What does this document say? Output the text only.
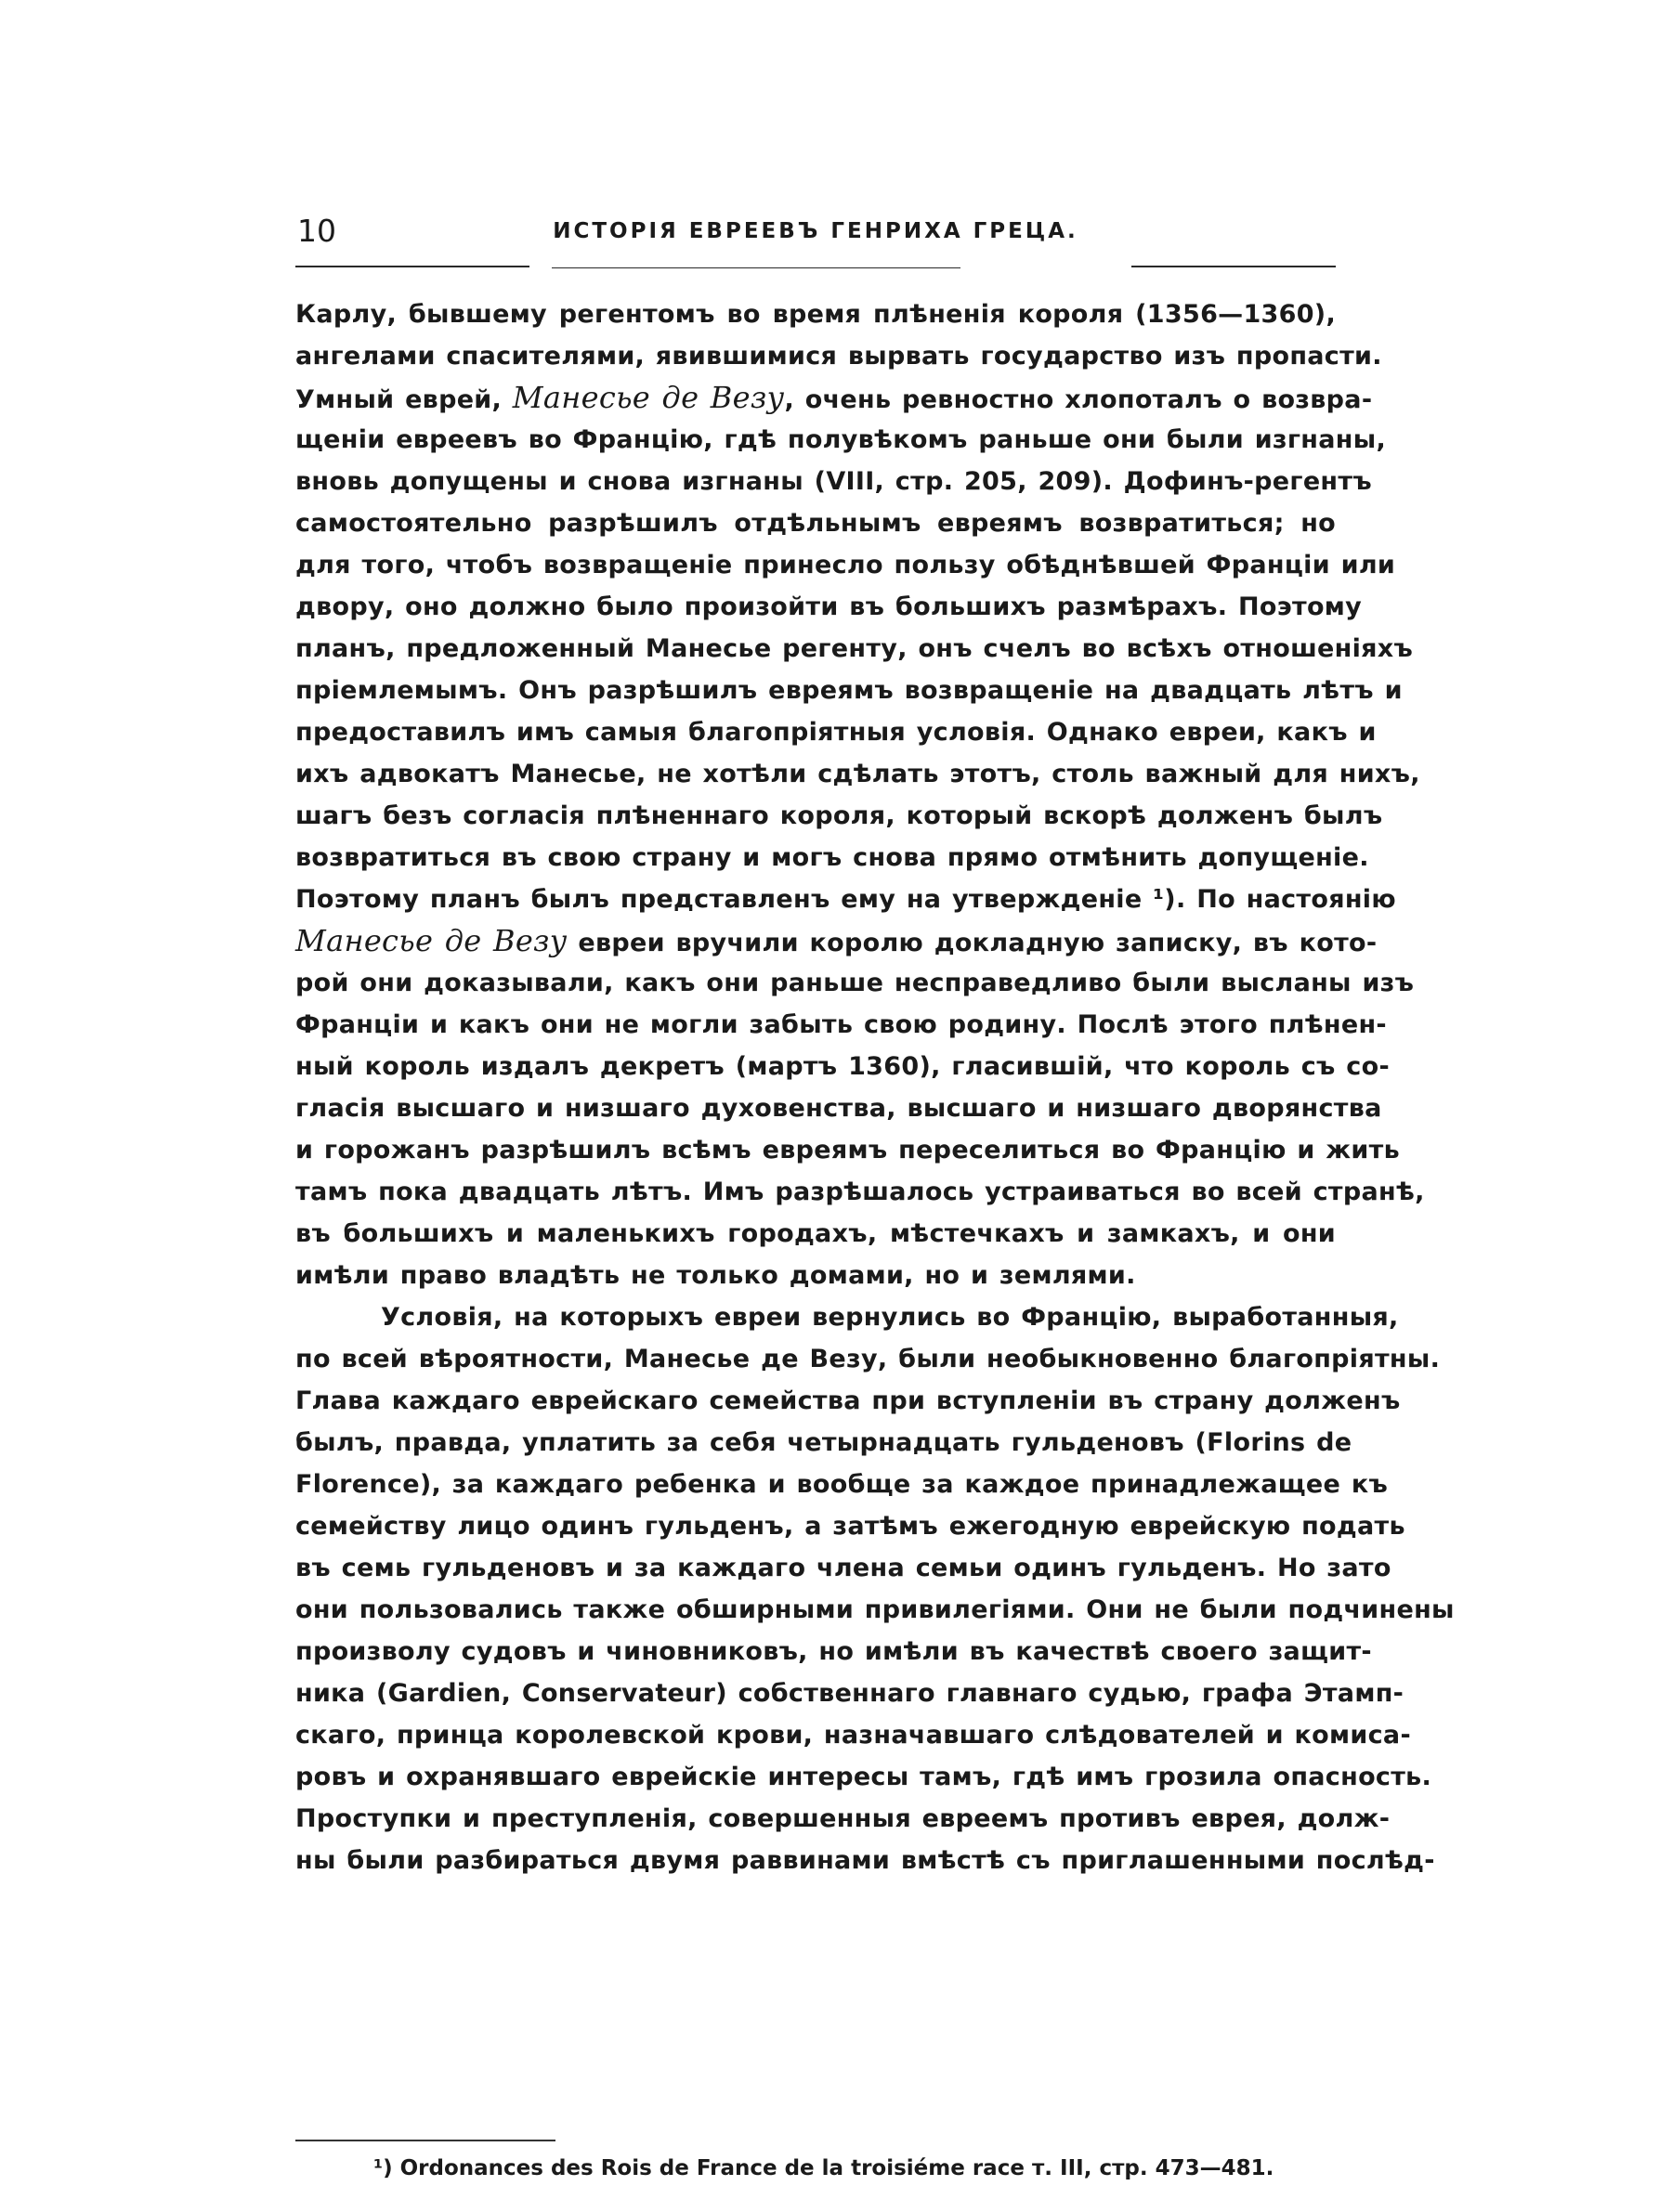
10	ИСТОРІЯ ЕВРЕЕВЪ ГЕНРИХА ГРЕЦА.
Карлу, бывшему регентомъ во время плѣненія короля (1356—1360),
ангелами спасителями, явившимися вырвать государство изъ пропасти.
Умный еврей, Манесье де Везу, очень ревностно хлопоталъ о возвра-
щеніи евреевъ во Францію, гдѣ полувѣкомъ раньше они были изгнаны,
вновь допущены и снова изгнаны (VIII, стр. 205, 209). Дофинъ-регентъ
самостоятельно разрѣшилъ отдѣльнымъ евреямъ возвратиться; но
для того, чтобъ возвращеніе принесло пользу обѣднѣвшей Франціи или
двору, оно должно было произойти въ большихъ размѣрахъ. Поэтому
планъ, предложенный Манесье регенту, онъ счелъ во всѣхъ отношеніяхъ
пріемлемымъ. Онъ разрѣшилъ евреямъ возвращеніе на двадцать лѣтъ и
предоставилъ имъ самыя благопріятныя условія. Однако евреи, какъ и
ихъ адвокатъ Манесье, не хотѣли сдѣлать этотъ, столь важный для нихъ,
шагъ безъ согласія плѣненнаго короля, который вскорѣ долженъ былъ
возвратиться въ свою страну и могъ снова прямо отмѣнить допущеніе.
Поэтому планъ былъ представленъ ему на утвержденіе ¹). По настоянію
Манесье де Везу евреи вручили королю докладную записку, въ кото-
рой они доказывали, какъ они раньше несправедливо были высланы изъ
Франціи и какъ они не могли забыть свою родину. Послѣ этого плѣнен-
ный король издалъ декретъ (мартъ 1360), гласившій, что король съ со-
гласія высшаго и низшаго духовенства, высшаго и низшаго дворянства
и горожанъ разрѣшилъ всѣмъ евреямъ переселиться во Францію и жить
тамъ пока двадцать лѣтъ. Имъ разрѣшалось устраиваться во всей странѣ,
въ большихъ и маленькихъ городахъ, мѣстечкахъ и замкахъ, и они
имѣли право владѣть не только домами, но и землями.
Условія, на которыхъ евреи вернулись во Францію, выработанныя,
по всей вѣроятности, Манесье де Везу, были необыкновенно благопріятны.
Глава каждаго еврейскаго семейства при вступленіи въ страну долженъ
былъ, правда, уплатить за себя четырнадцать гульденовъ (Florins de
Florence), за каждаго ребенка и вообще за каждое принадлежащее къ
семейству лицо одинъ гульденъ, а затѣмъ ежегодную еврейскую подать
въ семь гульденовъ и за каждаго члена семьи одинъ гульденъ. Но зато
они пользовались также обширными привилегіями. Они не были подчинены
произволу судовъ и чиновниковъ, но имѣли въ качествѣ своего защит-
ника (Gardien, Conservateur) собственнаго главнаго судью, графа Этамп-
скаго, принца королевской крови, назначавшаго слѣдователей и комиса-
ровъ и охранявшаго еврейскіе интересы тамъ, гдѣ имъ грозила опасность.
Проступки и преступленія, совершенныя евреемъ противъ еврея, долж-
ны были разбираться двумя раввинами вмѣстѣ съ приглашенными послѣд-
¹) Ordonances des Rois de France de la troisiéme race т. III, стр. 473—481.
